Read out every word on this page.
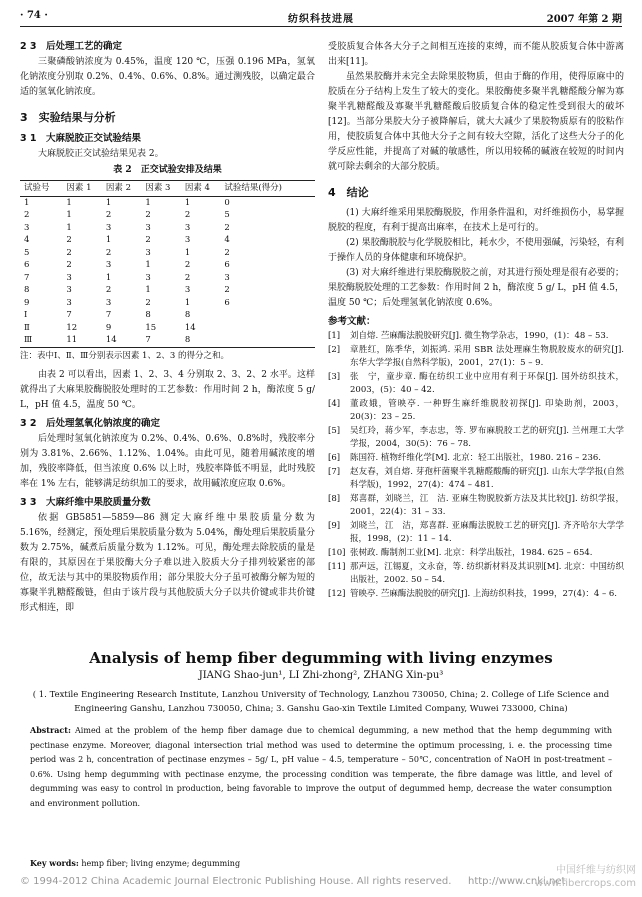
· 74 ·	纺织科技进展	2007 年第 2 期
2 3　后处理工艺的确定

三聚磷酸钠浓度为 0.45%，温度 120 ℃，压强 0.196 MPa，氢氧化钠浓度分别取 0.2%、0.4%、0.6%、0.8%。通过测残胶，以确定最合适的氢氧化钠浓度。

3　实验结果与分析
3 1　大麻脱胶正交试验结果

大麻脱胶正交试验结果见表 2。

表 2　正交试验安排及结果
试验号	因素 1	因素 2	因素 3	因素 4	试验结果(得分)
1	1	1	1	1	0
2	1	2	2	2	5
3	1	3	3	3	2
4	2	1	2	3	4
5	2	2	3	1	2
6	2	3	1	2	6
7	3	1	3	2	3
8	3	2	1	3	2
9	3	3	2	1	6
Ⅰ	7	7	8	8	
Ⅱ	12	9	15	14	
Ⅲ	11	14	7	8	
注：表中Ⅰ、Ⅱ、Ⅲ分别表示因素 1、2、3 的得分之和。

由表 2 可以看出，因素 1、2、3、4 分别取 2、3、2、2 水平。这样就得出了大麻果胶酶脱胶处理时的工艺参数：作用时间 2 h，酶浓度 5 g/ L，pH 值 4.5，温度 50 ℃。

3 2　后处理氢氧化钠浓度的确定

后处理时氢氧化钠浓度为 0.2%、0.4%、0.6%、0.8%时，残胶率分别为 3.81%、2.66%、1.12%、1.04%。由此可见，随着用碱浓度的增加，残胶率降低，但当浓度 0.6% 以上时，残胶率降低不明显，此时残胶率在 1% 左右，能够满足纺织加工的要求，故用碱浓度应取 0.6%。

3 3　大麻纤维中果胶质量分数

依据 GB5851—5859—86 测定大麻纤维中果胶质量分数为 5.16%，经测定，预处理后果胶质量分数为 5.04%，酶处理后果胶质量分数为 2.75%，碱煮后质量分数为 1.12%。可见，酶处理去除胶质的量是有限的，其原因在于果胶酶大分子难以进入胶质大分子排列较紧密的部位，故无法与其中的果胶物质作用；部分果胶大分子虽可被酶分解为短的寡聚半乳糖醛酸链，但由于该片段与其他胶质大分子以共价键或非共价键形式相连，即

受胶质复合体各大分子之间相互连接的束缚，而不能从胶质复合体中游离出来[11]。

虽然果胶酶并未完全去除果胶物质，但由于酶的作用，使得原麻中的胶质在分子结构上发生了较大的变化。果胶酶使多聚半乳糖醛酸分解为寡聚半乳糖醛酸及寡聚半乳糖醛酸后胶质复合体的稳定性受到很大的破坏[12]。当部分果胶大分子被降解后，就大大减少了果胶物质原有的胶粘作用，使胶质复合体中其他大分子之间有较大空隙，活化了这些大分子的化学反应性能，并提高了对碱的敏感性，所以用较稀的碱液在较短的时间内就可除去剩余的大部分胶质。

4　结论

(1) 大麻纤维采用果胶酶脱胶，作用条件温和，对纤维损伤小，易掌握脱胶的程度，有利于提高出麻率，在技术上是可行的。

(2) 果胶酶脱胶与化学脱胶相比，耗水少，不使用强碱，污染轻，有利于操作人员的身体健康和环境保护。

(3) 对大麻纤维进行果胶酶脱胶之前，对其进行预处理是很有必要的；果胶酶脱胶处理的工艺参数：作用时间 2 h，酶浓度 5 g/ L，pH 值 4.5，温度 50 ℃；后处理氢氧化钠浓度 0.6%。

参考文献：
[1]	刘自熔. 苎麻酶法脱胶研究[J]. 微生物学杂志，1990，(1)：48 – 53.
[2]	章胜红，陈季华，刘振鸿. 采用 SBR 法处理麻生物脱胶废水的研究[J]. 东华大学学报(自然科学版)，2001，27(1)：5 – 9.
[3]	张　宁，童步章. 酶在纺织工业中应用有利于环保[J]. 国外纺织技术，2003，(5)：40 – 42.
[4]	董政娥，管映亭. 一种野生麻纤维脱胶初探[J]. 印染助剂，2003，20(3)：23 – 25.
[5]	吴红玲，蒋少军，李志忠，等. 罗布麻脱胶工艺的研究[J]. 兰州理工大学学报，2004，30(5)：76 – 78.
[6]	陈国符. 植物纤维化学[M]. 北京：轻工出版社，1980. 216 – 236.
[7]	赵友春，刘自熔. 芽孢杆菌聚半乳糖醛酸酶的研究[J]. 山东大学学报(自然科学版)，1992，27(4)：474 – 481.
[8]	郑喜群，刘晓兰，江　洁. 亚麻生物脱胶新方法及其比较[J]. 纺织学报，2001，22(4)：31 – 33.
[9]	刘晓兰，江　洁，郑喜群. 亚麻酶法脱胶工艺的研究[J]. 齐齐哈尔大学学报，1998，(2)：11 – 14.
[10] 张树政. 酶制剂工业[M]. 北京：科学出版社，1984. 625 – 654.
[11] 那声远，江锡夏，文永奋，等. 纺织新材料及其识别[M]. 北京：中国纺织出版社，2002. 50 – 54.
[12] 管映亭. 苎麻酶法脱胶的研究[J]. 上海纺织科技，1999，27(4)：4 – 6.
Analysis of hemp fiber degumming with living enzymes
JIANG Shao-jun¹, LI Zhi-zhong², ZHANG Xin-pu³
( 1. Textile Engineering Research Institute, Lanzhou University of Technology, Lanzhou 730050, China; 2. College of Life Science and Engineering Ganshu, Lanzhou 730050, China; 3. Ganshu Gao-xin Textile Limited Company, Wuwei 733000, China)
Abstract: Aimed at the problem of the hemp fiber damage due to chemical degumming, a new method that the hemp degumming with pectinase enzyme. Moreover, diagonal intersection trial method was used to determine the optimum processing, i. e. the processing time period was 2 h, concentration of pectinase enzymes – 5g/ L, pH value – 4.5, temperature – 50℃, concentration of NaOH in post-treatment – 0.6%. Using hemp degumming with pectinase enzyme, the processing condition was temperate, the fibre damage was little, and level of degumming was easy to control in production, being favorable to improve the output of degummed hemp, decrease the water consumption and environment pollution.
Key words: hemp fiber; living enzyme; degumming
© 1994-2012 China Academic Journal Electronic Publishing House. All rights reserved. http://www.cnki.net
中国纤维与纺织网
www.fibercrops.com
